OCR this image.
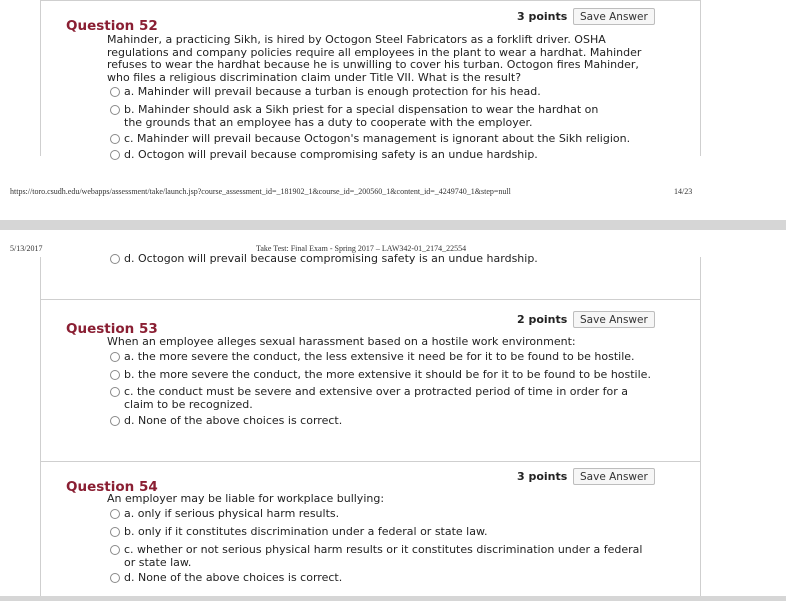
3 points	Save Answer
Question 52
Mahinder, a practicing Sikh, is hired by Octogon Steel Fabricators as a forklift driver. OSHA regulations and company policies require all employees in the plant to wear a hardhat. Mahinder refuses to wear the hardhat because he is unwilling to cover his turban. Octogon fires Mahinder, who files a religious discrimination claim under Title VII. What is the result?
a. Mahinder will prevail because a turban is enough protection for his head.
b. Mahinder should ask a Sikh priest for a special dispensation to wear the hardhat on the grounds that an employee has a duty to cooperate with the employer.
c. Mahinder will prevail because Octogon's management is ignorant about the Sikh religion.
d. Octogon will prevail because compromising safety is an undue hardship.
https://toro.csudh.edu/webapps/assessment/take/launch.jsp?course_assessment_id=_181902_1&course_id=_200560_1&content_id=_4249740_1&step=null	14/23
5/13/2017	Take Test: Final Exam - Spring 2017 – LAW342-01_2174_22554
d. Octogon will prevail because compromising safety is an undue hardship.
2 points	Save Answer
Question 53
When an employee alleges sexual harassment based on a hostile work environment:
a. the more severe the conduct, the less extensive it need be for it to be found to be hostile.
b. the more severe the conduct, the more extensive it should be for it to be found to be hostile.
c. the conduct must be severe and extensive over a protracted period of time in order for a claim to be recognized.
d. None of the above choices is correct.
3 points	Save Answer
Question 54
An employer may be liable for workplace bullying:
a. only if serious physical harm results.
b. only if it constitutes discrimination under a federal or state law.
c. whether or not serious physical harm results or it constitutes discrimination under a federal or state law.
d. None of the above choices is correct.
